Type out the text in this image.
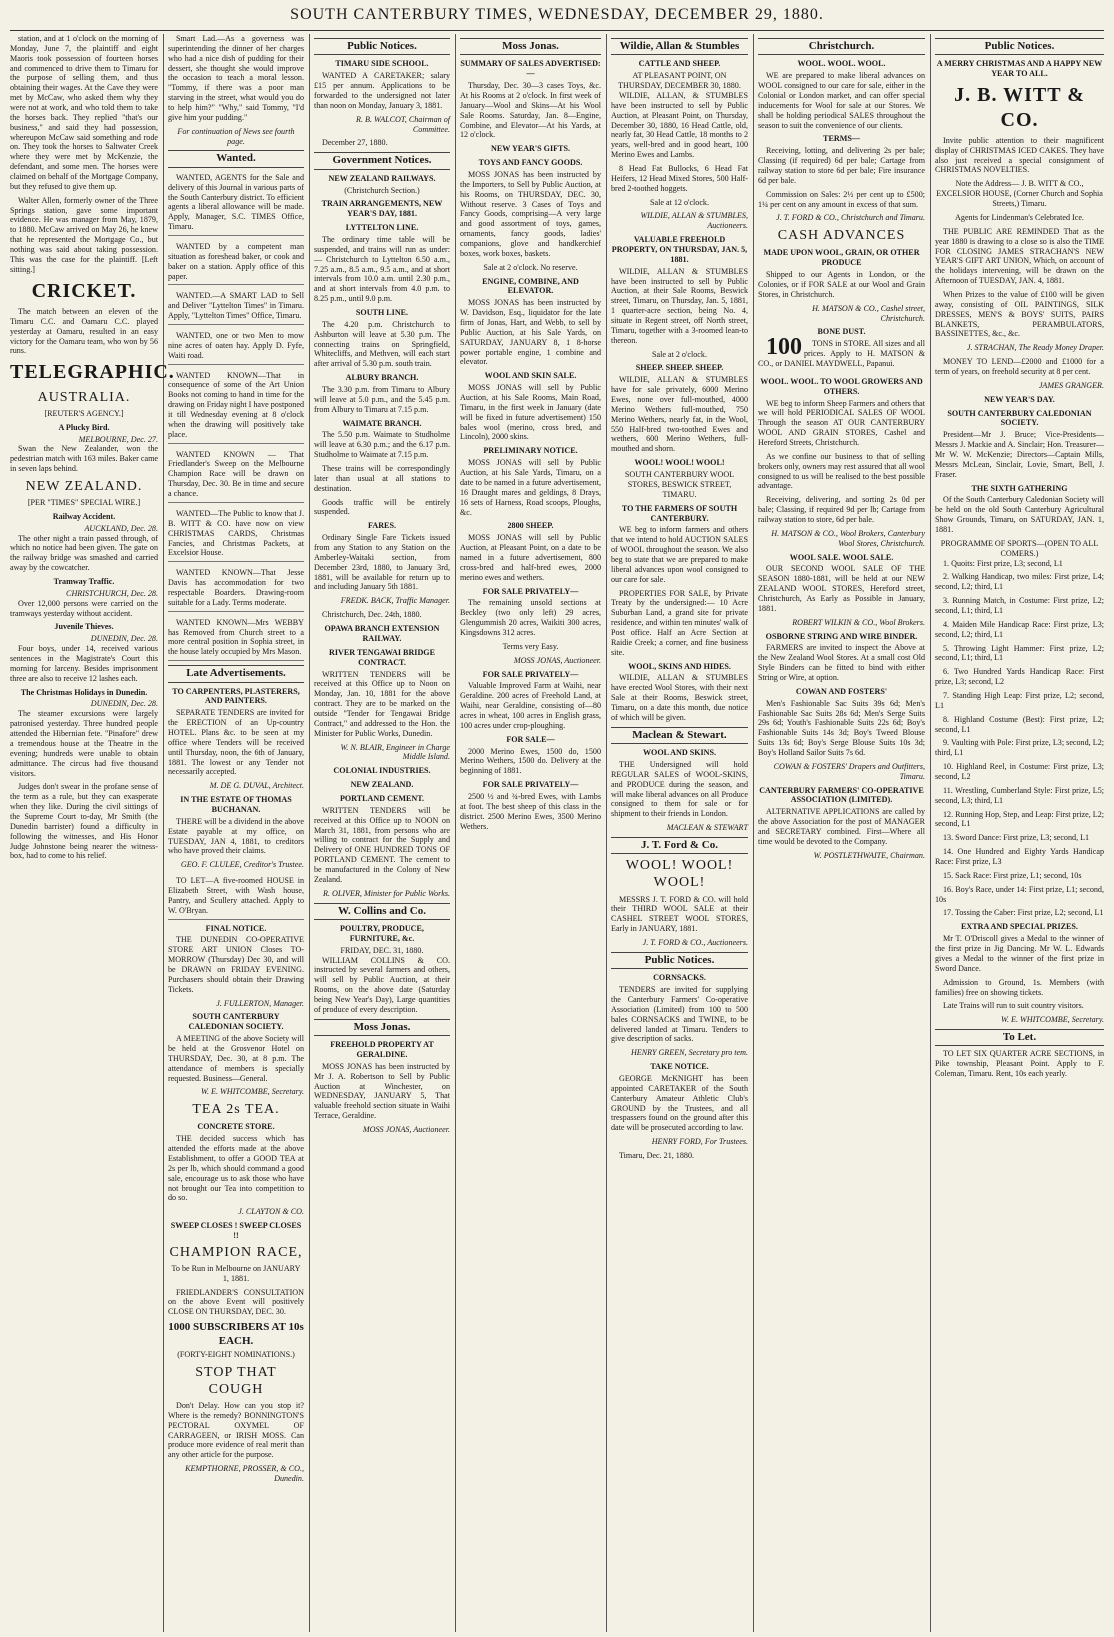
SOUTH CANTERBURY TIMES, WEDNESDAY, DECEMBER 29, 1880.

station, and at 1 o'clock on the morning of Monday, June 7, the plaintiff and eight Maoris took possession of fourteen horses and commenced to drive them to Timaru for the purpose of selling them, and thus obtaining their wages. At the Cave they were met by McCaw, who asked them why they were not at work, and who told them to take the horses back. They replied "that's our business," and said they had possession, whereupon McCaw said something and rode on. They took the horses to Saltwater Creek where they were met by McKenzie, the defendant, and some men. The horses were claimed on behalf of the Mortgage Company, but they refused to give them up.

Walter Allen, formerly owner of the Three Springs station, gave some important evidence. He was manager from May, 1879, to 1880. McCaw arrived on May 26, he knew that he represented the Mortgage Co., but nothing was said about taking possession. This was the case for the plaintiff. [Left sitting.]

CRICKET.

The match between an eleven of the Timaru C.C. and Oamaru C.C. played yesterday at Oamaru, resulted in an easy victory for the Oamaru team, who won by 56 runs.

TELEGRAPHIC.
AUSTRALIA.
[REUTER'S AGENCY.]
A Plucky Bird.
MELBOURNE, Dec. 27.

Swan the New Zealander, won the pedestrian match with 163 miles. Baker came in seven laps behind.

NEW ZEALAND.
[PER "TIMES" SPECIAL WIRE.]
Railway Accident.
AUCKLAND, Dec. 28.

The other night a train passed through, of which no notice had been given. The gate on the railway bridge was smashed and carried away by the cowcatcher.

Tramway Traffic.
CHRISTCHURCH, Dec. 28.

Over 12,000 persons were carried on the tramways yesterday without accident.

Juvenile Thieves.
DUNEDIN, Dec. 28.

Four boys, under 14, received various sentences in the Magistrate's Court this morning for larceny. Besides imprisonment three are also to receive 12 lashes each.

The Christmas Holidays in Dunedin.
DUNEDIN, Dec. 28.

The steamer excursions were largely patronised yesterday. Three hundred people attended the Hibernian fete. "Pinafore" drew a tremendous house at the Theatre in the evening; hundreds were unable to obtain admittance. The circus had five thousand visitors.

Judges don't swear in the profane sense of the term as a rule, but they can exasperate when they like. During the civil sittings of the Supreme Court to-day, Mr Smith (the Dunedin barrister) found a difficulty in following the witnesses, and His Honor Judge Johnstone being nearer the witness-box, had to come to his relief.

Smart Lad.—As a governess was superintending the dinner of her charges who had a nice dish of pudding for their dessert, she thought she would improve the occasion to teach a moral lesson. "Tommy, if there was a poor man starving in the street, what would you do to help him?" "Why," said Tommy, "I'd give him your pudding."

For continuation of News see fourth page.

Wanted.

WANTED, AGENTS for the Sale and delivery of this Journal in various parts of the South Canterbury district. To efficient agents a liberal allowance will be made. Apply, Manager, S.C. TIMES Office, Timaru.

WANTED by a competent man situation as foreshead baker, or cook and baker on a station. Apply office of this paper.

WANTED.—A SMART LAD to Sell and Deliver "Lyttelton Times" in Timaru. Apply, "Lyttelton Times" Office, Timaru.

WANTED, one or two Men to mow nine acres of oaten hay. Apply D. Fyfe, Waiti road.

WANTED KNOWN—That in consequence of some of the Art Union Books not coming to hand in time for the drawing on Friday night I have postponed it till Wednesday evening at 8 o'clock when the drawing will positively take place.

WANTED KNOWN — That Friedlander's Sweep on the Melbourne Champion Race will be drawn on Thursday, Dec. 30. Be in time and secure a chance.

WANTED—The Public to know that J. B. WITT & CO. have now on view CHRISTMAS CARDS, Christmas Fancies, and Christmas Packets, at Excelsior House.

WANTED KNOWN—That Jesse Davis has accommodation for two respectable Boarders. Drawing-room suitable for a Lady. Terms moderate.

WANTED KNOWN—Mrs WEBBY has Removed from Church street to a more central position in Sophia street, in the house lately occupied by Mrs Mason.

Late Advertisements.
TO CARPENTERS, PLASTERERS, AND PAINTERS.

SEPARATE TENDERS are invited for the ERECTION of an Up-country HOTEL. Plans &c. to be seen at my office where Tenders will be received until Thursday, noon, the 6th of January, 1881. The lowest or any Tender not necessarily accepted.

M. DE G. DUVAL, Architect.

IN THE ESTATE OF THOMAS BUCHANAN.

THERE will be a dividend in the above Estate payable at my office, on TUESDAY, JAN 4, 1881, to creditors who have proved their claims.

GEO. F. CLULEE, Creditor's Trustee.

TO LET—A five-roomed HOUSE in Elizabeth Street, with Wash house, Pantry, and Scullery attached. Apply to W. O'Bryan.

FINAL NOTICE.

THE DUNEDIN CO-OPERATIVE STORE ART UNION Closes TO-MORROW (Thursday) Dec 30, and will be DRAWN on FRIDAY EVENING. Purchasers should obtain their Drawing Tickets.

J. FULLERTON, Manager.

SOUTH CANTERBURY CALEDONIAN SOCIETY.

A MEETING of the above Society will be held at the Grosvenor Hotel on THURSDAY, Dec. 30, at 8 p.m. The attendance of members is specially requested. Business—General.

W. E. WHITCOMBE, Secretary.

TEA 2s TEA.
CONCRETE STORE.

THE decided success which has attended the efforts made at the above Establishment, to offer a GOOD TEA at 2s per lb, which should command a good sale, encourage us to ask those who have not brought our Tea into competition to do so.

J. CLAYTON & CO.

SWEEP CLOSES ! SWEEP CLOSES !!
CHAMPION RACE,

To be Run in Melbourne on JANUARY 1, 1881.

FRIEDLANDER'S CONSULTATION on the above Event will positively CLOSE ON THURSDAY, DEC. 30.

1000 SUBSCRIBERS AT 10s EACH.

(FORTY-EIGHT NOMINATIONS.)

STOP THAT COUGH

Don't Delay. How can you stop it? Where is the remedy? BONNINGTON'S PECTORAL OXYMEL OF CARRAGEEN, or IRISH MOSS. Can produce more evidence of real merit than any other article for the purpose.

KEMPTHORNE, PROSSER, & CO., Dunedin.

Public Notices.
TIMARU SIDE SCHOOL.

WANTED A CARETAKER; salary £15 per annum. Applications to be forwarded to the undersigned not later than noon on Monday, January 3, 1881.

R. B. WALCOT, Chairman of Committee.

December 27, 1880.

Government Notices.
NEW ZEALAND RAILWAYS.
(Christchurch Section.)
TRAIN ARRANGEMENTS, NEW YEAR'S DAY, 1881.
LYTTELTON LINE.

The ordinary time table will be suspended, and trains will run as under:— Christchurch to Lyttelton 6.50 a.m., 7.25 a.m., 8.5 a.m., 9.5 a.m., and at short intervals from 10.0 a.m. until 2.30 p.m., and at short intervals from 4.0 p.m. to 8.25 p.m., until 9.0 p.m.

SOUTH LINE.

The 4.20 p.m. Christchurch to Ashburton will leave at 5.30 p.m. The connecting trains on Springfield, Whitecliffs, and Methven, will each start after arrival of 5.30 p.m. south train.

ALBURY BRANCH.

The 3.30 p.m. from Timaru to Albury will leave at 5.0 p.m., and the 5.45 p.m. from Albury to Timaru at 7.15 p.m.

WAIMATE BRANCH.

The 5.50 p.m. Waimate to Studholme will leave at 6.30 p.m.; and the 6.17 p.m. Studholme to Waimate at 7.15 p.m.

These trains will be correspondingly later than usual at all stations to destination.

Goods traffic will be entirely suspended.

FARES.

Ordinary Single Fare Tickets issued from any Station to any Station on the Amberley-Waitaki section, from December 23rd, 1880, to January 3rd, 1881, will be available for return up to and including January 5th 1881.

FREDK. BACK, Traffic Manager.

Christchurch, Dec. 24th, 1880.

OPAWA BRANCH EXTENSION RAILWAY.
RIVER TENGAWAI BRIDGE CONTRACT.

WRITTEN TENDERS will be received at this Office up to Noon on Monday, Jan. 10, 1881 for the above contract. They are to be marked on the outside "Tender for Tengawai Bridge Contract," and addressed to the Hon. the Minister for Public Works, Dunedin.

W. N. BLAIR, Engineer in Charge Middle Island.

COLONIAL INDUSTRIES.
NEW ZEALAND.
PORTLAND CEMENT.

WRITTEN TENDERS will be received at this Office up to NOON on March 31, 1881, from persons who are willing to contract for the Supply and Delivery of ONE HUNDRED TONS OF PORTLAND CEMENT. The cement to be manufactured in the Colony of New Zealand.

R. OLIVER, Minister for Public Works.

W. Collins and Co.
POULTRY, PRODUCE, FURNITURE, &c.
FRIDAY, DEC. 31, 1880.

WILLIAM COLLINS & CO. instructed by several farmers and others, will sell by Public Auction, at their Rooms, on the above date (Saturday being New Year's Day), Large quantities of produce of every description.

Moss Jonas.
FREEHOLD PROPERTY AT GERALDINE.

MOSS JONAS has been instructed by Mr J. A. Robertson to Sell by Public Auction at Winchester, on WEDNESDAY, JANUARY 5, That valuable freehold section situate in Waihi Terrace, Geraldine.

MOSS JONAS, Auctioneer.

Moss Jonas.
SUMMARY OF SALES ADVERTISED:—

Thursday, Dec. 30—3 cases Toys, &c. At his Rooms at 2 o'clock. In first week of January—Wool and Skins—At his Wool Sale Rooms. Saturday, Jan. 8—Engine, Combine, and Elevator—At his Yards, at 12 o'clock.

NEW YEAR'S GIFTS.
TOYS AND FANCY GOODS.

MOSS JONAS has been instructed by the Importers, to Sell by Public Auction, at his Rooms, on THURSDAY, DEC. 30, Without reserve. 3 Cases of Toys and Fancy Goods, comprising—A very large and good assortment of toys, games, ornaments, fancy goods, ladies' companions, glove and handkerchief boxes, work boxes, baskets.

Sale at 2 o'clock. No reserve.

ENGINE, COMBINE, AND ELEVATOR.

MOSS JONAS has been instructed by W. Davidson, Esq., liquidator for the late firm of Jonas, Hart, and Webb, to sell by Public Auction, at his Sale Yards, on SATURDAY, JANUARY 8, 1 8-horse power portable engine, 1 combine and elevator.

WOOL AND SKIN SALE.

MOSS JONAS will sell by Public Auction, at his Sale Rooms, Main Road, Timaru, in the first week in January (date will be fixed in future advertisement) 150 bales wool (merino, cross bred, and Lincoln), 2000 skins.

PRELIMINARY NOTICE.

MOSS JONAS will sell by Public Auction, at his Sale Yards, Timaru, on a date to be named in a future advertisement, 16 Draught mares and geldings, 8 Drays, 16 sets of Harness, Road scoops, Ploughs, &c.

2800 SHEEP.

MOSS JONAS will sell by Public Auction, at Pleasant Point, on a date to be named in a future advertisement, 800 cross-bred and half-bred ewes, 2000 merino ewes and wethers.

FOR SALE PRIVATELY—

The remaining unsold sections at Beckley (two only left) 29 acres, Glengummish 20 acres, Waikiti 300 acres, Kingsdowns 312 acres.

Terms very Easy.

MOSS JONAS, Auctioneer.

FOR SALE PRIVATELY—

Valuable Improved Farm at Waihi, near Geraldine. 200 acres of Freehold Land, at Waihi, near Geraldine, consisting of—80 acres in wheat, 100 acres in English grass, 100 acres under crop-ploughing.

FOR SALE—

2000 Merino Ewes, 1500 do, 1500 Merino Wethers, 1500 do. Delivery at the beginning of 1881.

FOR SALE PRIVATELY—

2500 ½ and ¾-bred Ewes, with Lambs at foot. The best sheep of this class in the district. 2500 Merino Ewes, 3500 Merino Wethers.

Wildie, Allan & Stumbles
CATTLE AND SHEEP.
AT PLEASANT POINT, ON THURSDAY, DECEMBER 30, 1880.

WILDIE, ALLAN, & STUMBLES have been instructed to sell by Public Auction, at Pleasant Point, on Thursday, December 30, 1880, 16 Head Cattle, old, nearly fat, 30 Head Cattle, 18 months to 2 years, well-bred and in good heart, 100 Merino Ewes and Lambs.

8 Head Fat Bullocks, 6 Head Fat Heifers, 12 Head Mixed Stores, 500 Half-bred 2-toothed hoggets.

Sale at 12 o'clock.

WILDIE, ALLAN & STUMBLES, Auctioneers.

VALUABLE FREEHOLD PROPERTY, ON THURSDAY, JAN. 5, 1881.

WILDIE, ALLAN & STUMBLES have been instructed to sell by Public Auction, at their Sale Rooms, Beswick street, Timaru, on Thursday, Jan. 5, 1881, 1 quarter-acre section, being No. 4, situate in Regent street, off North street, Timaru, together with a 3-roomed lean-to thereon.

Sale at 2 o'clock.

SHEEP. SHEEP. SHEEP.

WILDIE, ALLAN & STUMBLES have for sale privately, 6000 Merino Ewes, none over full-mouthed, 4000 Merino Wethers full-mouthed, 750 Merino Wethers, nearly fat, in the Wool, 550 Half-bred two-toothed Ewes and wethers, 600 Merino Wethers, full-mouthed and shorn.

WOOL! WOOL! WOOL!
SOUTH CANTERBURY WOOL STORES, BESWICK STREET, TIMARU.
TO THE FARMERS OF SOUTH CANTERBURY.

WE beg to inform farmers and others that we intend to hold AUCTION SALES of WOOL throughout the season. We also beg to state that we are prepared to make liberal advances upon wool consigned to our care for sale.

PROPERTIES FOR SALE, by Private Treaty by the undersigned:— 10 Acre Suburban Land, a grand site for private residence, and within ten minutes' walk of Post office. Half an Acre Section at Raidie Creek; a corner, and fine business site.

WOOL, SKINS AND HIDES.

WILDIE, ALLAN & STUMBLES have erected Wool Stores, with their next Sale at their Rooms, Beswick street, Timaru, on a date this month, due notice of which will be given.

Maclean & Stewart.
WOOL AND SKINS.

THE Undersigned will hold REGULAR SALES of WOOL-SKINS, and PRODUCE during the season, and will make liberal advances on all Produce consigned to them for sale or for shipment to their friends in London.

MACLEAN & STEWART

J. T. Ford & Co.
WOOL! WOOL! WOOL!

MESSRS J. T. FORD & CO. will hold their THIRD WOOL SALE at their CASHEL STREET WOOL STORES, Early in JANUARY, 1881.

J. T. FORD & CO., Auctioneers.

Public Notices.
CORNSACKS.

TENDERS are invited for supplying the Canterbury Farmers' Co-operative Association (Limited) from 100 to 500 bales CORNSACKS and TWINE, to be delivered landed at Timaru. Tenders to give description of sacks.

HENRY GREEN, Secretary pro tem.

TAKE NOTICE.

GEORGE McKNIGHT has been appointed CARETAKER of the South Canterbury Amateur Athletic Club's GROUND by the Trustees, and all trespassers found on the ground after this date will be prosecuted according to law.

HENRY FORD, For Trustees.

Timaru, Dec. 21, 1880.

Christchurch.
WOOL. WOOL. WOOL.

WE are prepared to make liberal advances on WOOL consigned to our care for sale, either in the Colonial or London market, and can offer special inducements for Wool for sale at our Stores. We shall be holding periodical SALES throughout the season to suit the convenience of our clients.

TERMS—

Receiving, lotting, and delivering 2s per bale; Classing (if required) 6d per bale; Cartage from railway station to store 6d per bale; Fire insurance 6d per bale.

Commission on Sales: 2½ per cent up to £500; 1¼ per cent on any amount in excess of that sum.

J. T. FORD & CO., Christchurch and Timaru.

CASH ADVANCES
MADE UPON WOOL, GRAIN, OR OTHER PRODUCE

Shipped to our Agents in London, or the Colonies, or if FOR SALE at our Wool and Grain Stores, in Christchurch.

H. MATSON & CO., Cashel street, Christchurch.

BONE DUST.

100 TONS in STORE. All sizes and all prices. Apply to H. MATSON & CO., or DANIEL MAYDWELL, Papanui.

WOOL. WOOL. TO WOOL GROWERS AND OTHERS.

WE beg to inform Sheep Farmers and others that we will hold PERIODICAL SALES OF WOOL Through the season AT OUR CANTERBURY WOOL AND GRAIN STORES, Cashel and Hereford Streets, Christchurch.

As we confine our business to that of selling brokers only, owners may rest assured that all wool consigned to us will be realised to the best possible advantage.

Receiving, delivering, and sorting 2s 0d per bale; Classing, if required 9d per lb; Cartage from railway station to store, 6d per bale.

H. MATSON & CO., Wool Brokers, Canterbury Wool Stores, Christchurch.

WOOL SALE. WOOL SALE.

OUR SECOND WOOL SALE OF THE SEASON 1880-1881, will be held at our NEW ZEALAND WOOL STORES, Hereford street, Christchurch, As Early as Possible in January, 1881.

ROBERT WILKIN & CO., Wool Brokers.

OSBORNE STRING AND WIRE BINDER.

FARMERS are invited to inspect the Above at the New Zealand Wool Stores. At a small cost Old Style Binders can be fitted to bind with either String or Wire, at option.

COWAN AND FOSTERS'

Men's Fashionable Sac Suits 39s 6d; Men's Fashionable Sac Suits 28s 6d; Men's Serge Suits 29s 6d; Youth's Fashionable Suits 22s 6d; Boy's Fashionable Suits 14s 3d; Boy's Tweed Blouse Suits 13s 6d; Boy's Serge Blouse Suits 10s 3d; Boy's Holland Sailor Suits 7s 6d.

COWAN & FOSTERS' Drapers and Outfitters, Timaru.

CANTERBURY FARMERS' CO-OPERATIVE ASSOCIATION (LIMITED).

ALTERNATIVE APPLICATIONS are called by the above Association for the post of MANAGER and SECRETARY combined. First—Where all time would be devoted to the Company.

W. POSTLETHWAITE, Chairman.

Public Notices.
A MERRY CHRISTMAS AND A HAPPY NEW YEAR TO ALL.
J. B. WITT & CO.

Invite public attention to their magnificent display of CHRISTMAS ICED CAKES. They have also just received a special consignment of CHRISTMAS NOVELTIES.

Note the Address— J. B. WITT & CO., EXCELSIOR HOUSE, (Corner Church and Sophia Streets,) Timaru.

Agents for Lindenman's Celebrated Ice.

THE PUBLIC ARE REMINDED That as the year 1880 is drawing to a close so is also the TIME FOR CLOSING JAMES STRACHAN'S NEW YEAR'S GIFT ART UNION, Which, on account of the holidays intervening, will be drawn on the Afternoon of TUESDAY, JAN. 4, 1881.

When Prizes to the value of £100 will be given away, consisting of OIL PAINTINGS, SILK DRESSES, MEN'S & BOYS' SUITS, PAIRS BLANKETS, PERAMBULATORS, BASSINETTES, &c., &c.

J. STRACHAN, The Ready Money Draper.

MONEY TO LEND—£2000 and £1000 for a term of years, on freehold security at 8 per cent.

JAMES GRANGER.

NEW YEAR'S DAY.
SOUTH CANTERBURY CALEDONIAN SOCIETY.

President—Mr J. Bruce; Vice-Presidents—Messrs J. Mackie and A. Sinclair; Hon. Treasurer—Mr W. W. McKenzie; Directors—Captain Mills, Messrs McLean, Sinclair, Lovie, Smart, Bell, J. Fraser.

THE SIXTH GATHERING

Of the South Canterbury Caledonian Society will be held on the old South Canterbury Agricultural Show Grounds, Timaru, on SATURDAY, JAN. 1, 1881.

PROGRAMME OF SPORTS—(OPEN TO ALL COMERS.)

1. Quoits: First prize, L3; second, L1

2. Walking Handicap, two miles: First prize, L4; second, L2; third, L1

3. Running Match, in Costume: First prize, L2; second, L1; third, L1

4. Maiden Mile Handicap Race: First prize, L3; second, L2; third, L1

5. Throwing Light Hammer: First prize, L2; second, L1; third, L1

6. Two Hundred Yards Handicap Race: First prize, L3; second, L2

7. Standing High Leap: First prize, L2; second, L1

8. Highland Costume (Best): First prize, L2; second, L1

9. Vaulting with Pole: First prize, L3; second, L2; third, L1

10. Highland Reel, in Costume: First prize, L3; second, L2

11. Wrestling, Cumberland Style: First prize, L5; second, L3; third, L1

12. Running Hop, Step, and Leap: First prize, L2; second, L1

13. Sword Dance: First prize, L3; second, L1

14. One Hundred and Eighty Yards Handicap Race: First prize, L3

15. Sack Race: First prize, L1; second, 10s

16. Boy's Race, under 14: First prize, L1; second, 10s

17. Tossing the Caber: First prize, L2; second, L1

EXTRA AND SPECIAL PRIZES.

Mr T. O'Driscoll gives a Medal to the winner of the first prize in Jig Dancing. Mr W. L. Edwards gives a Medal to the winner of the first prize in Sword Dance.

Admission to Ground, 1s. Members (with families) free on showing tickets.

Late Trains will run to suit country visitors.

W. E. WHITCOMBE, Secretary.

To Let.

TO LET SIX QUARTER ACRE SECTIONS, in Pike township, Pleasant Point. Apply to F. Coleman, Timaru. Rent, 10s each yearly.
